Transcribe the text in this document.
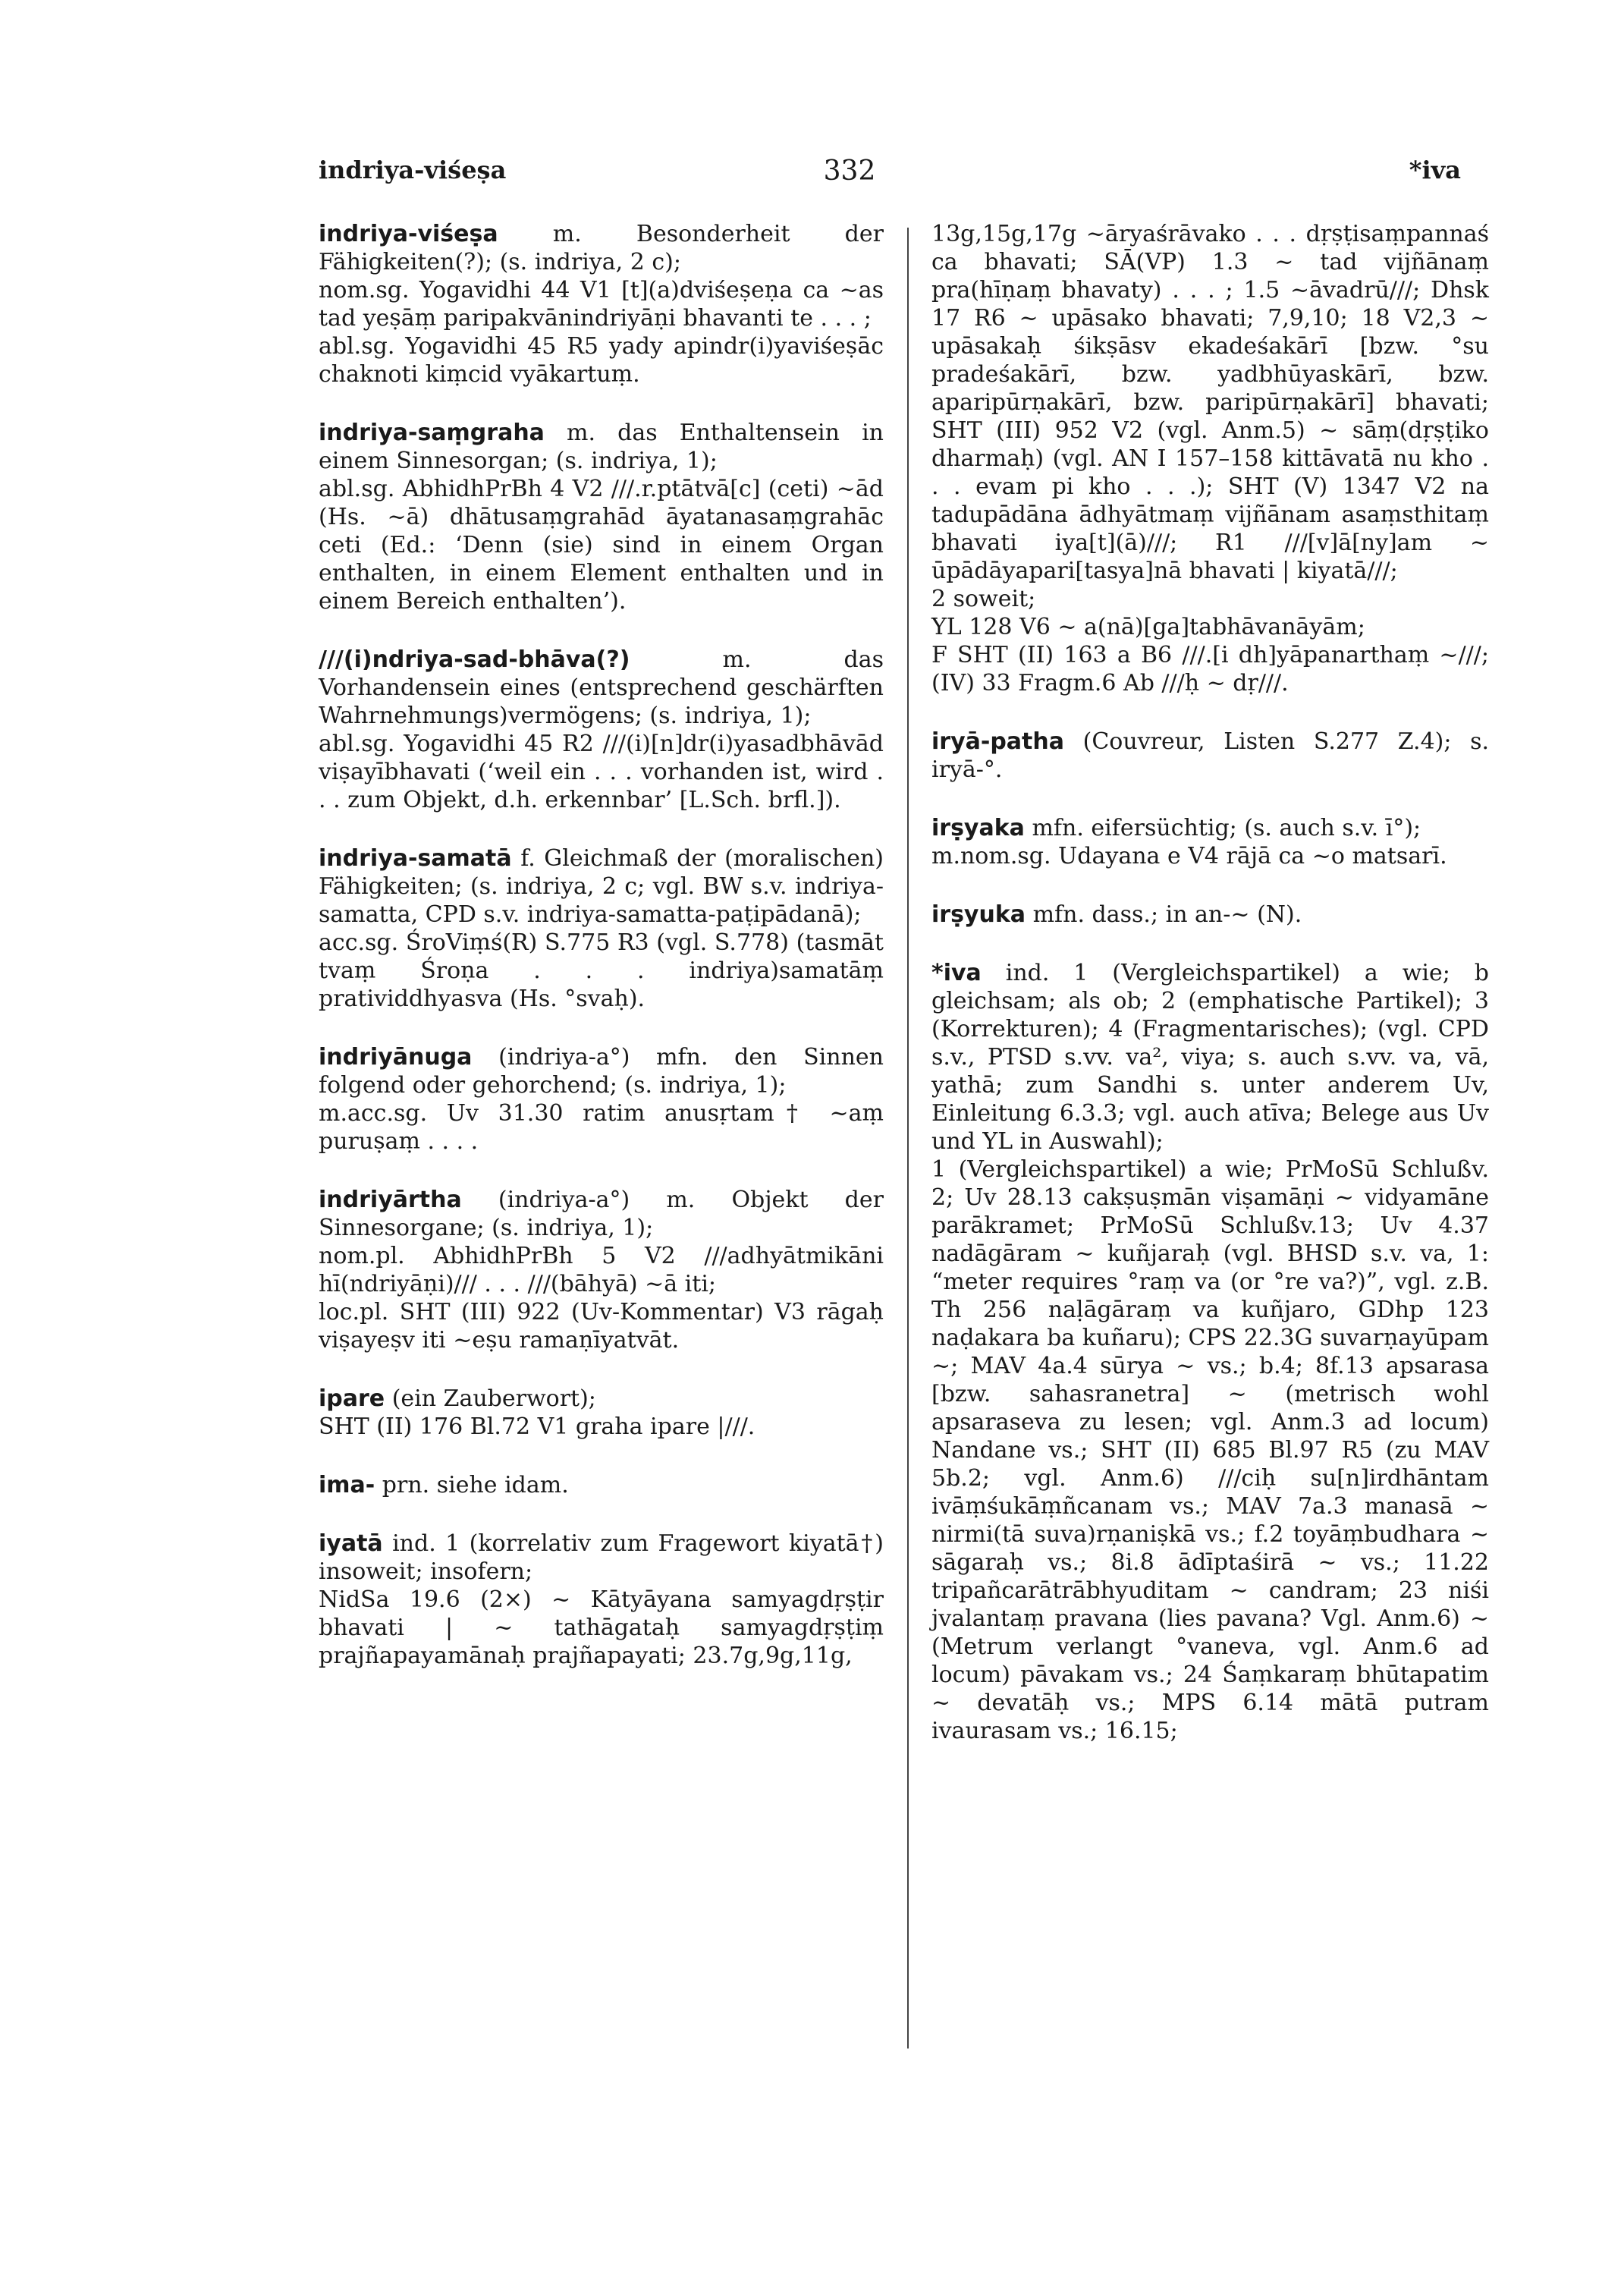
indriya-viśeṣa	332	*iva

indriya-viśeṣa m. Besonderheit der Fähigkeiten(?); (s. indriya, 2 c);

nom.sg. Yogavidhi 44 V1 [t](a)dviśeṣeṇa ca ~as tad yeṣāṃ paripakvānindriyāṇi bhavanti te . . . ;

abl.sg. Yogavidhi 45 R5 yady apindr(i)yaviśeṣāc chaknoti kiṃcid vyākartuṃ.

indriya-saṃgraha m. das Enthaltensein in einem Sinnesorgan; (s. indriya, 1);

abl.sg. AbhidhPrBh 4 V2 ///.r.ptātvā[c] (ceti) ~ād (Hs. ~ā) dhātusaṃgrahād āyatanasaṃgrahāc ceti (Ed.: ‘Denn (sie) sind in einem Organ enthalten, in einem Element enthalten und in einem Bereich enthalten’).

///(i)ndriya-sad-bhāva(?)	m. das Vorhandensein eines (entsprechend geschärften Wahrnehmungs)vermögens; (s. indriya, 1);

abl.sg. Yogavidhi 45 R2 ///(i)[n]dr(i)yasadbhāvād viṣayībhavati (‘weil ein . . . vorhanden ist, wird . . . zum Objekt, d.h. erkennbar’ [L.Sch. brfl.]).

indriya-samatā f. Gleichmaß der (moralischen) Fähigkeiten; (s. indriya, 2 c; vgl. BW s.v. indriya-samatta, CPD s.v. indriya-samatta-paṭipādanā);

acc.sg. ŚroViṃś(R) S.775 R3 (vgl. S.778) (tasmāt tvaṃ Śroṇa . . . indriya)samatāṃ pratividdhyasva (Hs. °svaḥ).

indriyānuga (indriya-a°) mfn. den Sinnen folgend oder gehorchend; (s. indriya, 1);

m.acc.sg. Uv 31.30 ratim anusṛtam† ~aṃ puruṣaṃ . . . .

indriyārtha (indriya-a°) m. Objekt der Sinnesorgane; (s. indriya, 1);

nom.pl. AbhidhPrBh 5 V2 ///adhyātmikāni hī(ndriyāṇi)/// . . . ///(bāhyā) ~ā iti;

loc.pl. SHT (III) 922 (Uv-Kommentar) V3 rāgaḥ viṣayeṣv iti ~eṣu ramaṇīyatvāt.

ipare (ein Zauberwort);

SHT (II) 176 Bl.72 V1 graha ipare |///.

ima- prn. siehe idam.

iyatā ind. 1 (korrelativ zum Fragewort kiyatā†) insoweit; insofern;

NidSa 19.6 (2×) ~ Kātyāyana samyagdṛṣṭir bhavati | ~ tathāgataḥ samyagdṛṣṭiṃ prajñapayamānaḥ prajñapayati; 23.7g,9g,11g,

13g,15g,17g ~āryaśrāvako . . . dṛṣṭisaṃpannaś ca bhavati; SĀ(VP) 1.3 ~ tad vijñānaṃ pra(hīṇaṃ bhavaty) . . . ; 1.5 ~āvadrū///; Dhsk 17 R6 ~ upāsako bhavati; 7,9,10; 18 V2,3 ~ upāsakaḥ śikṣāsv ekadeśakārī [bzw. °su pradeśakārī, bzw. yadbhūyaskārī, bzw. aparipūrṇakārī, bzw. paripūrṇakārī] bhavati; SHT (III) 952 V2 (vgl. Anm.5) ~ sāṃ(dṛṣṭiko dharmaḥ) (vgl. AN I 157–158 kittāvatā nu kho . . . evam pi kho . . .); SHT (V) 1347 V2 na tadupādāna ādhyātmaṃ vijñānam asaṃsthitaṃ bhavati iya[t](ā)///; R1 ///[v]ā[ny]am ~ ūpādāyapari[tasya]nā bhavati | kiyatā///;

2 soweit;

YL 128 V6 ~ a(nā)[ga]tabhāvanāyām;

F SHT (II) 163 a B6 ///.[i dh]yāpanarthaṃ ~///; (IV) 33 Fragm.6 Ab ///ḥ ~ dṛ///.

iryā-patha (Couvreur, Listen S.277 Z.4); s. iryā-°.

irṣyaka mfn. eifersüchtig; (s. auch s.v. ī°);

m.nom.sg. Udayana e V4 rājā ca ~o matsarī.

irṣyuka mfn. dass.; in an-~ (N).

*iva ind. 1 (Vergleichspartikel) a wie; b gleichsam; als ob; 2 (emphatische Partikel); 3 (Korrekturen); 4 (Fragmentarisches); (vgl. CPD s.v., PTSD s.vv. va², viya; s. auch s.vv. va, vā, yathā; zum Sandhi s. unter anderem Uv, Einleitung 6.3.3; vgl. auch atīva; Belege aus Uv und YL in Auswahl);

1 (Vergleichspartikel) a wie; PrMoSū Schlußv. 2; Uv 28.13 cakṣuṣmān viṣamāṇi ~ vidyamāne parākramet; PrMoSū Schlußv.13; Uv 4.37 nadāgāram ~ kuñjaraḥ (vgl. BHSD s.v. va, 1: “meter requires °raṃ va (or °re va?)”, vgl. z.B. Th 256 naḷāgāraṃ va kuñjaro, GDhp 123 naḍakara ba kuñaru); CPS 22.3G suvarṇayūpam ~; MAV 4a.4 sūrya ~ vs.; b.4; 8f.13 apsarasa [bzw. sahasranetra] ~ (metrisch wohl apsaraseva zu lesen; vgl. Anm.3 ad locum) Nandane vs.; SHT (II) 685 Bl.97 R5 (zu MAV 5b.2; vgl. Anm.6) ///ciḥ su[n]irdhāntam ivāṃśukāṃñcanam vs.; MAV 7a.3 manasā ~ nirmi(tā suva)rṇaniṣkā vs.; f.2 toyāṃbudhara ~ sāgaraḥ vs.; 8i.8 ādīptaśirā ~ vs.; 11.22 tripañcarātrābhyuditam ~ candram; 23 niśi jvalantaṃ pravana (lies pavana? Vgl. Anm.6) ~ (Metrum verlangt °vaneva, vgl. Anm.6 ad locum) pāvakam vs.; 24 Śaṃkaraṃ bhūtapatim ~ devatāḥ vs.; MPS 6.14 mātā putram ivaurasam vs.; 16.15;
